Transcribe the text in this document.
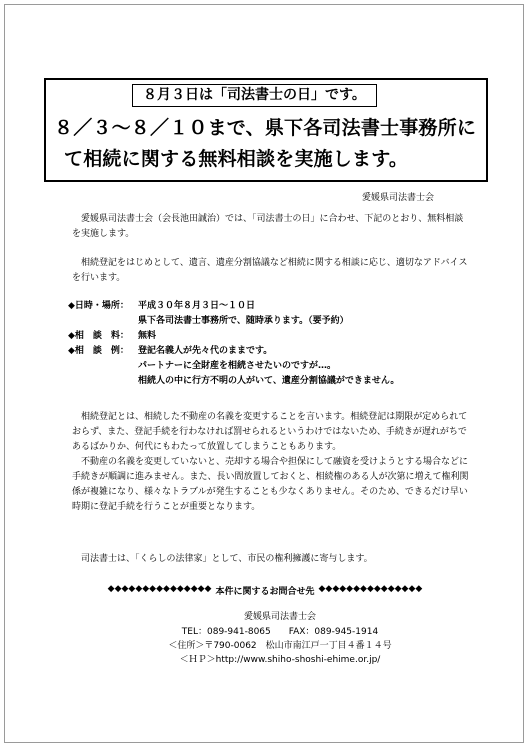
８月３日は「司法書士の日」です。
８／３～８／１０まで、県下各司法書士事務所に
て相続に関する無料相談を実施します。
愛媛県司法書士会
　愛媛県司法書士会（会長池田誠治）では、「司法書士の日」に合わせ、下記のとおり、無料相談
を実施します。
　相続登記をはじめとして、遺言、遺産分割協議など相続に関する相談に応じ、適切なアドバイス
を行います。
◆日時・場所： 平成３０年８月３日～１０日
県下各司法書士事務所で、随時承ります。（要予約）
◆相　談　料： 無料
◆相　談　例： 登記名義人が先々代のままです。
パートナーに全財産を相続させたいのですが…。
相続人の中に行方不明の人がいて、遺産分割協議ができません。
　相続登記とは、相続した不動産の名義を変更することを言います。相続登記は期限が定められて
おらず、また、登記手続を行わなければ罰せられるというわけではないため、手続きが遅れがちで
あるばかりか、何代にもわたって放置してしまうこともあります。
　不動産の名義を変更していないと、売却する場合や担保にして融資を受けようとする場合などに
手続きが順調に進みません。また、長い間放置しておくと、相続権のある人が次第に増えて権利関
係が複雑になり、様々なトラブルが発生することも少なくありません。そのため、できるだけ早い
時期に登記手続を行うことが重要となります。
　司法書士は、「くらしの法律家」として、市民の権利擁護に寄与します。
◆◆◆◆◆◆◆◆◆◆◆◆◆◆◆ 本件に関するお問合せ先 ◆◆◆◆◆◆◆◆◆◆◆◆◆◆◆
愛媛県司法書士会
TEL：089-941-8065　　FAX：089-945-1914
＜住所＞〒790-0062　松山市南江戸一丁目４番１４号
＜ＨＰ＞http://www.shiho-shoshi-ehime.or.jp/
